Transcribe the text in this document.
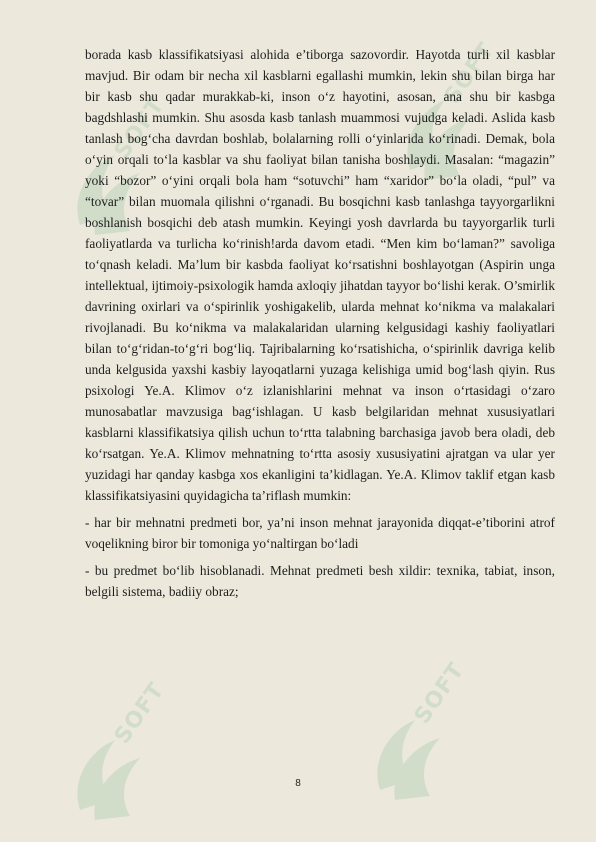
SOFT
SOFT
SOFT	SOFT

borada kasb klassifikatsiyasi alohida e’tiborga sazovordir. Hayotda turli xil kasblar mavjud. Bir odam bir necha xil kasblarni egallashi mumkin, lekin shu bilan birga har bir kasb shu qadar murakkab-ki, inson o‘z hayotini, asosan, ana shu bir kasbga bagdshlashi mumkin. Shu asosda kasb tanlash muammosi vujudga keladi. Aslida kasb tanlash bog‘cha davrdan boshlab, bolalarning rolli o‘yinlarida ko‘rinadi. Demak, bola o‘yin orqali to‘la kasblar va shu faoliyat bilan tanisha boshlaydi. Masalan: “magazin” yoki “bozor” o‘yini orqali bola ham “sotuvchi” ham “xaridor” bo‘la oladi, “pul” va “tovar” bilan muomala qilishni o‘rganadi. Bu bosqichni kasb tanlashga tayyorgarlikni boshlanish bosqichi deb atash mumkin. Keyingi yosh davrlarda bu tayyorgarlik turli faoliyatlarda va turlicha ko‘rinish!arda davom etadi. “Men kim bo‘laman?” savoliga to‘qnash keladi. Ma’lum bir kasbda faoliyat ko‘rsatishni boshlayotgan (Aspirin unga intellektual, ijtimoiy-psixologik hamda axloqiy jihatdan tayyor bo‘lishi kerak. O’smirlik davrining oxirlari va o‘spirinlik yoshigakelib, ularda mehnat ko‘nikma va malakalari rivojlanadi. Bu ko‘nikma va malakalaridan ularning kelgusidagi kashiy faoliyatlari bilan to‘g‘ridan-to‘g‘ri bog‘liq. Tajribalarning ko‘rsatishicha, o‘spirinlik davriga kelib unda kelgusida yaxshi kasbiy layoqatlarni yuzaga kelishiga umid bog‘lash qiyin. Rus psixologi Ye.A. Klimov o‘z izlanishlarini mehnat va inson o‘rtasidagi o‘zaro munosabatlar mavzusiga bag‘ishlagan. U kasb belgilaridan mehnat xususiyatlari kasblarni klassifikatsiya qilish uchun to‘rtta talabning barchasiga javob bera oladi, deb ko‘rsatgan. Ye.A. Klimov mehnatning to‘rtta asosiy xususiyatini ajratgan va ular yer yuzidagi har qanday kasbga xos ekanligini ta’kidlagan. Ye.A. Klimov taklif etgan kasb klassifikatsiyasini quyidagicha ta’riflash mumkin:

- har bir mehnatni predmeti bor, ya’ni inson mehnat jarayonida diqqat-e’tiborini atrof voqelikning biror bir tomoniga yo‘naltirgan bo‘ladi

- bu predmet bo‘lib hisoblanadi. Mehnat predmeti besh xildir: texnika, tabiat, inson, belgili sistema, badiiy obraz;

8
